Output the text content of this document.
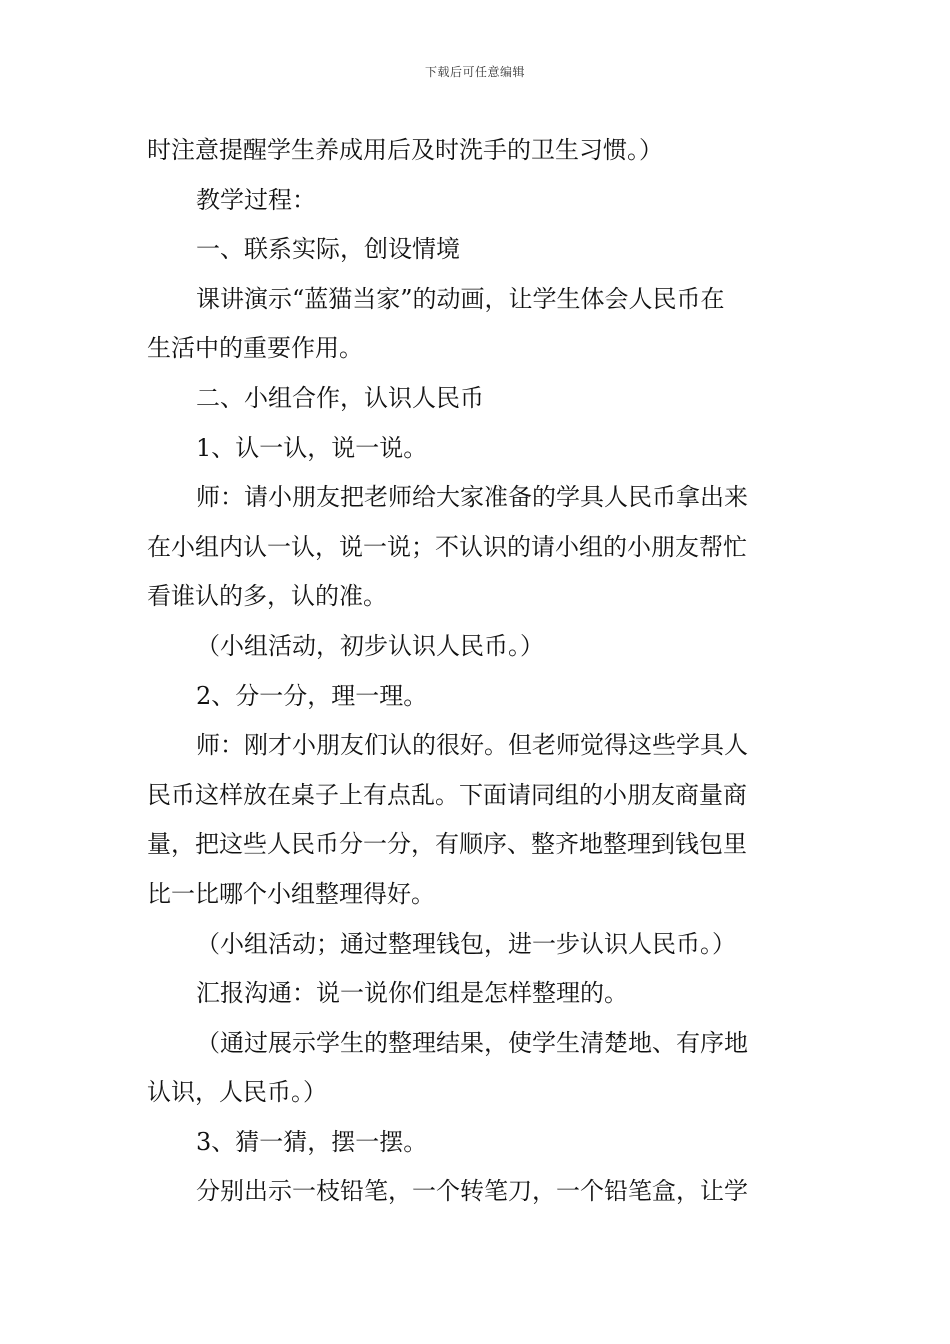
下载后可任意编辑
时注意提醒学生养成用后及时洗手的卫生习惯。）
教学过程：
一、联系实际，创设情境
课讲演示“蓝猫当家”的动画，让学生体会人民币在
生活中的重要作用。
二、小组合作，认识人民币
1、认一认，说一说。
师：请小朋友把老师给大家准备的学具人民币拿出来
在小组内认一认，说一说；不认识的请小组的小朋友帮忙
看谁认的多，认的准。
（小组活动，初步认识人民币。）
2、分一分，理一理。
师：刚才小朋友们认的很好。但老师觉得这些学具人
民币这样放在桌子上有点乱。下面请同组的小朋友商量商
量，把这些人民币分一分，有顺序、整齐地整理到钱包里
比一比哪个小组整理得好。
（小组活动；通过整理钱包，进一步认识人民币。）
汇报沟通：说一说你们组是怎样整理的。
（通过展示学生的整理结果，使学生清楚地、有序地
认识，人民币。）
3、猜一猜，摆一摆。
分别出示一枝铅笔，一个转笔刀，一个铅笔盒，让学
